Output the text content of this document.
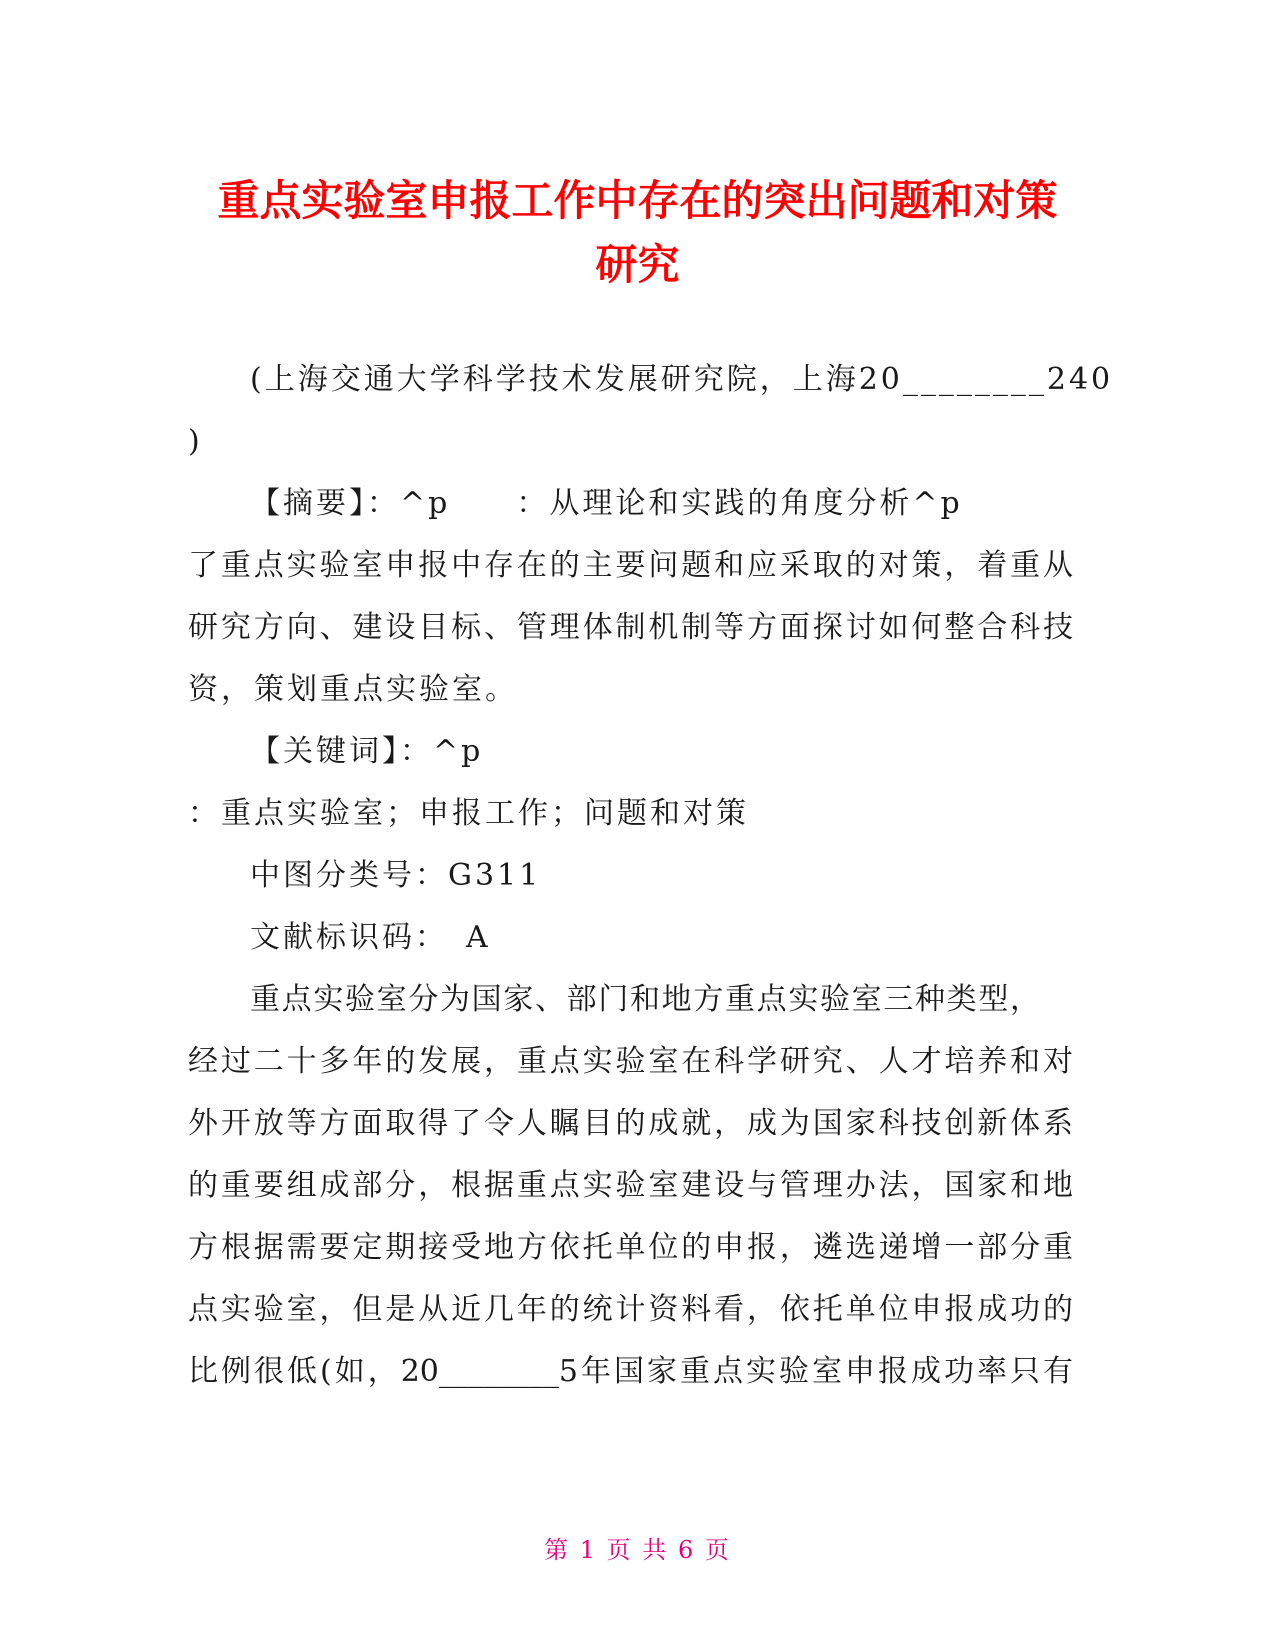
重点实验室申报工作中存在的突出问题和对策
研究
(上海交通大学科学技术发展研究院，上海20________240
)
【摘要】：^p　　：从理论和实践的角度分析^p
了重点实验室申报中存在的主要问题和应采取的对策，着重从
研究方向、建设目标、管理体制机制等方面探讨如何整合科技
资，策划重点实验室。
【关键词】：^p
：重点实验室；申报工作；问题和对策
中图分类号：G311
文献标识码：　A
重点实验室分为国家、部门和地方重点实验室三种类型，
经过二十多年的发展，重点实验室在科学研究、人才培养和对
外开放等方面取得了令人瞩目的成就，成为国家科技创新体系
的重要组成部分，根据重点实验室建设与管理办法，国家和地
方根据需要定期接受地方依托单位的申报，遴选递增一部分重
点实验室，但是从近几年的统计资料看，依托单位申报成功的
比例很低(如，20________5年国家重点实验室申报成功率只有
第 1 页 共 6 页
